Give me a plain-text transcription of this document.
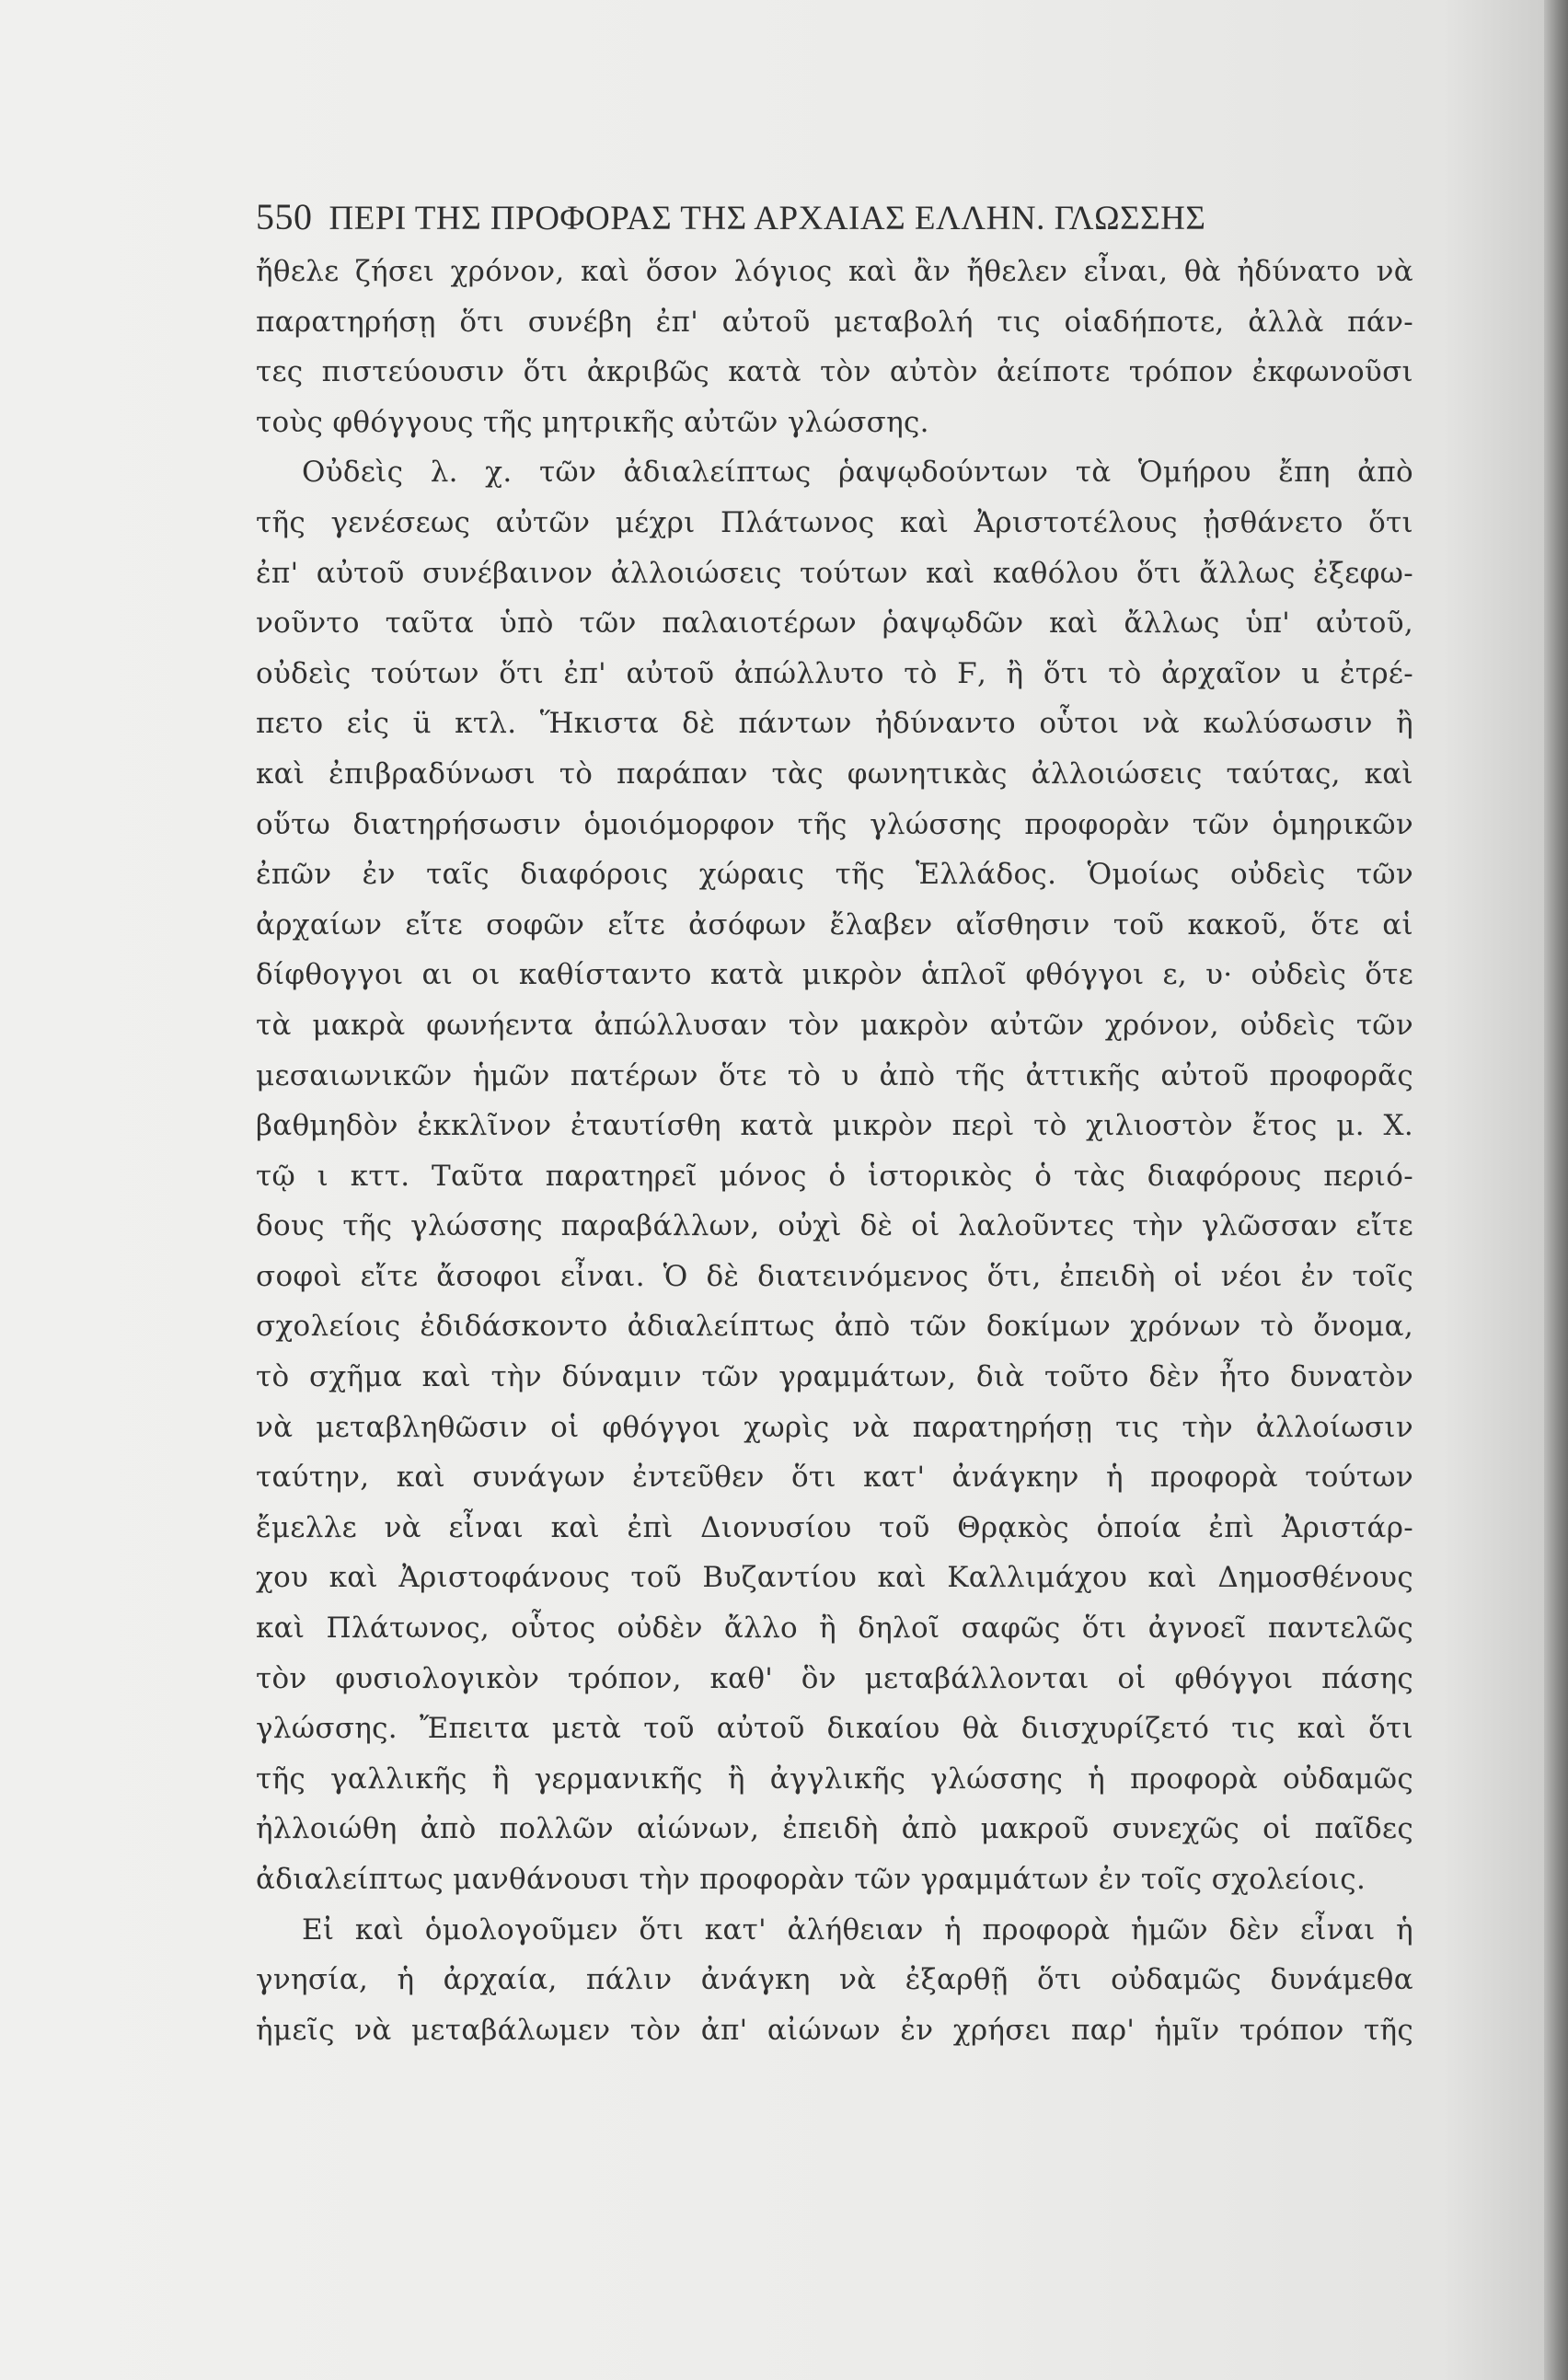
550 ΠΕΡΙ ΤΗΣ ΠΡΟΦΟΡΑΣ ΤΗΣ ΑΡΧΑΙΑΣ ΕΛΛΗΝ. ΓΛΩΣΣΗΣ
ἤθελε ζήσει χρόνον, καὶ ὅσον λόγιος καὶ ἂν ἤθελεν εἶναι, θὰ ἠδύνατο νὰ
παρατηρήσῃ ὅτι συνέβη ἐπ' αὐτοῦ μεταβολή τις οἱαδήποτε, ἀλλὰ πάν-
τες πιστεύουσιν ὅτι ἀκριβῶς κατὰ τὸν αὐτὸν ἀείποτε τρόπον ἐκφωνοῦσι
τοὺς φθόγγους τῆς μητρικῆς αὐτῶν γλώσσης.
Οὐδεὶς λ. χ. τῶν ἀδιαλείπτως ῥαψῳδούντων τὰ Ὁμήρου ἔπη ἀπὸ
τῆς γενέσεως αὐτῶν μέχρι Πλάτωνος καὶ Ἀριστοτέλους ᾐσθάνετο ὅτι
ἐπ' αὐτοῦ συνέβαινον ἀλλοιώσεις τούτων καὶ καθόλου ὅτι ἄλλως ἐξεφω-
νοῦντο ταῦτα ὑπὸ τῶν παλαιοτέρων ῥαψῳδῶν καὶ ἄλλως ὑπ' αὐτοῦ,
οὐδεὶς τούτων ὅτι ἐπ' αὐτοῦ ἀπώλλυτο τὸ Ϝ, ἢ ὅτι τὸ ἀρχαῖον u ἐτρέ-
πετο εἰς ü κτλ. Ἥκιστα δὲ πάντων ἠδύναντο οὗτοι νὰ κωλύσωσιν ἢ
καὶ ἐπιβραδύνωσι τὸ παράπαν τὰς φωνητικὰς ἀλλοιώσεις ταύτας, καὶ
οὕτω διατηρήσωσιν ὁμοιόμορφον τῆς γλώσσης προφορὰν τῶν ὁμηρικῶν
ἐπῶν ἐν ταῖς διαφόροις χώραις τῆς Ἑλλάδος. Ὁμοίως οὐδεὶς τῶν
ἀρχαίων εἴτε σοφῶν εἴτε ἀσόφων ἔλαβεν αἴσθησιν τοῦ κακοῦ, ὅτε αἱ
δίφθογγοι αι οι καθίσταντο κατὰ μικρὸν ἁπλοῖ φθόγγοι ε, υ· οὐδεὶς ὅτε
τὰ μακρὰ φωνήεντα ἀπώλλυσαν τὸν μακρὸν αὐτῶν χρόνον, οὐδεὶς τῶν
μεσαιωνικῶν ἡμῶν πατέρων ὅτε τὸ υ ἀπὸ τῆς ἀττικῆς αὐτοῦ προφορᾶς
βαθμηδὸν ἐκκλῖνον ἐταυτίσθη κατὰ μικρὸν περὶ τὸ χιλιοστὸν ἔτος μ. Χ.
τῷ ι κττ. Ταῦτα παρατηρεῖ μόνος ὁ ἱστορικὸς ὁ τὰς διαφόρους περιό-
δους τῆς γλώσσης παραβάλλων, οὐχὶ δὲ οἱ λαλοῦντες τὴν γλῶσσαν εἴτε
σοφοὶ εἴτε ἄσοφοι εἶναι. Ὁ δὲ διατεινόμενος ὅτι, ἐπειδὴ οἱ νέοι ἐν τοῖς
σχολείοις ἐδιδάσκοντο ἀδιαλείπτως ἀπὸ τῶν δοκίμων χρόνων τὸ ὄνομα,
τὸ σχῆμα καὶ τὴν δύναμιν τῶν γραμμάτων, διὰ τοῦτο δὲν ἦτο δυνατὸν
νὰ μεταβληθῶσιν οἱ φθόγγοι χωρὶς νὰ παρατηρήσῃ τις τὴν ἀλλοίωσιν
ταύτην, καὶ συνάγων ἐντεῦθεν ὅτι κατ' ἀνάγκην ἡ προφορὰ τούτων
ἔμελλε νὰ εἶναι καὶ ἐπὶ Διονυσίου τοῦ Θρᾳκὸς ὁποία ἐπὶ Ἀριστάρ-
χου καὶ Ἀριστοφάνους τοῦ Βυζαντίου καὶ Καλλιμάχου καὶ Δημοσθένους
καὶ Πλάτωνος, οὗτος οὐδὲν ἄλλο ἢ δηλοῖ σαφῶς ὅτι ἀγνοεῖ παντελῶς
τὸν φυσιολογικὸν τρόπον, καθ' ὃν μεταβάλλονται οἱ φθόγγοι πάσης
γλώσσης. Ἔπειτα μετὰ τοῦ αὐτοῦ δικαίου θὰ διισχυρίζετό τις καὶ ὅτι
τῆς γαλλικῆς ἢ γερμανικῆς ἢ ἀγγλικῆς γλώσσης ἡ προφορὰ οὐδαμῶς
ἠλλοιώθη ἀπὸ πολλῶν αἰώνων, ἐπειδὴ ἀπὸ μακροῦ συνεχῶς οἱ παῖδες
ἀδιαλείπτως μανθάνουσι τὴν προφορὰν τῶν γραμμάτων ἐν τοῖς σχολείοις.
Εἰ καὶ ὁμολογοῦμεν ὅτι κατ' ἀλήθειαν ἡ προφορὰ ἡμῶν δὲν εἶναι ἡ
γνησία, ἡ ἀρχαία, πάλιν ἀνάγκη νὰ ἐξαρθῇ ὅτι οὐδαμῶς δυνάμεθα
ἡμεῖς νὰ μεταβάλωμεν τὸν ἀπ' αἰώνων ἐν χρήσει παρ' ἡμῖν τρόπον τῆς
